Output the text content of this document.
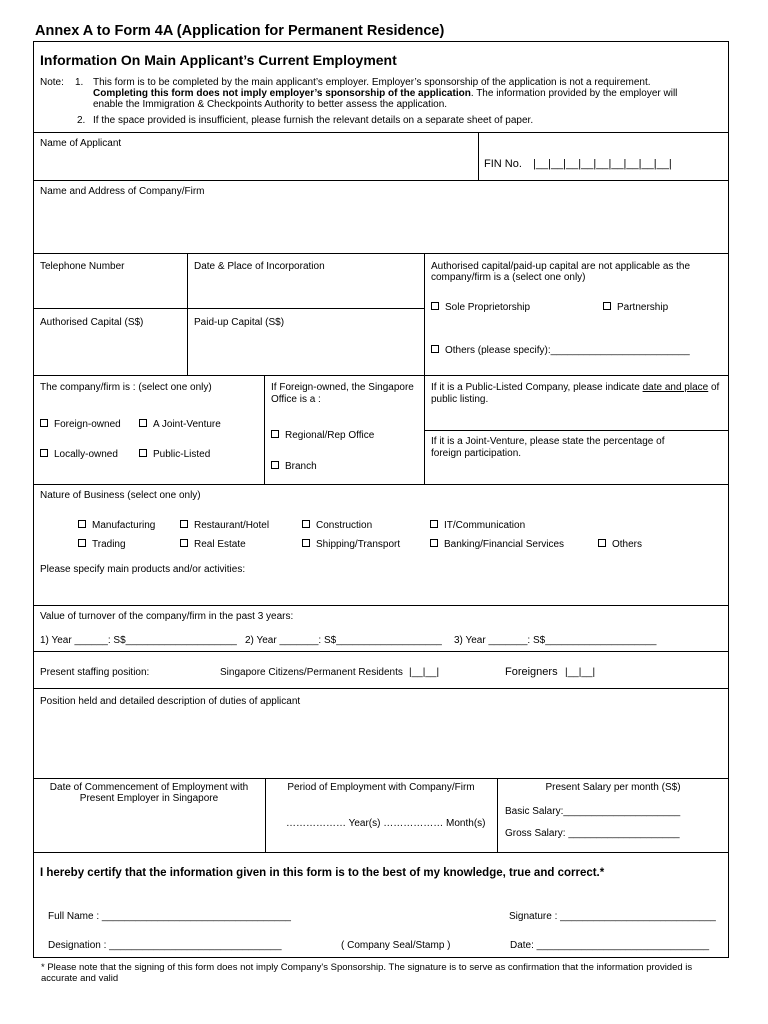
Annex A to Form 4A (Application for Permanent Residence)
Information On Main Applicant’s Current Employment
Note: 1. This form is to be completed by the main applicant’s employer. Employer’s sponsorship of the application is not a requirement.
Completing this form does not imply employer’s sponsorship of the application. The information provided by the employer will
enable the Immigration & Checkpoints Authority to better assess the application.
2. If the space provided is insufficient, please furnish the relevant details on a separate sheet of paper.
Name of Applicant
FIN No. |__|__|__|__|__|__|__|__|__|
Name and Address of Company/Firm
Telephone Number	Date & Place of Incorporation
Authorised Capital (S$)	Paid-up Capital (S$)
Authorised capital/paid-up capital are not applicable as the
company/firm is a (select one only)
Sole Proprietorship	Partnership
Others (please specify):_________________________
The company/firm is : (select one only)
Foreign-owned	A Joint-Venture
Locally-owned	Public-Listed
If Foreign-owned, the Singapore
Office is a :
Regional/Rep Office
Branch
If it is a Public-Listed Company, please indicate date and place of
public listing.
If it is a Joint-Venture, please state the percentage of
foreign participation.
Nature of Business (select one only)
Manufacturing	Restaurant/Hotel	Construction	IT/Communication
Trading	Real Estate	Shipping/Transport	Banking/Financial Services	Others
Please specify main products and/or activities:
Value of turnover of the company/firm in the past 3 years:
1) Year ______: S$____________________ 2) Year _______: S$___________________ 3) Year _______: S$____________________
Present staffing position:	Singapore Citizens/Permanent Residents |__|__|	Foreigners |__|__|
Position held and detailed description of duties of applicant
Date of Commencement of Employment with
Present Employer in Singapore
Period of Employment with Company/Firm
……………… Year(s) ……………… Month(s)
Present Salary per month (S$)
Basic Salary:_____________________
Gross Salary: ____________________
I hereby certify that the information given in this form is to the best of my knowledge, true and correct.*
Full Name : __________________________________	Signature : ____________________________
Designation : _______________________________	( Company Seal/Stamp )	Date: _______________________________
* Please note that the signing of this form does not imply Company's Sponsorship. The signature is to serve as confirmation that the information provided is
accurate and valid
